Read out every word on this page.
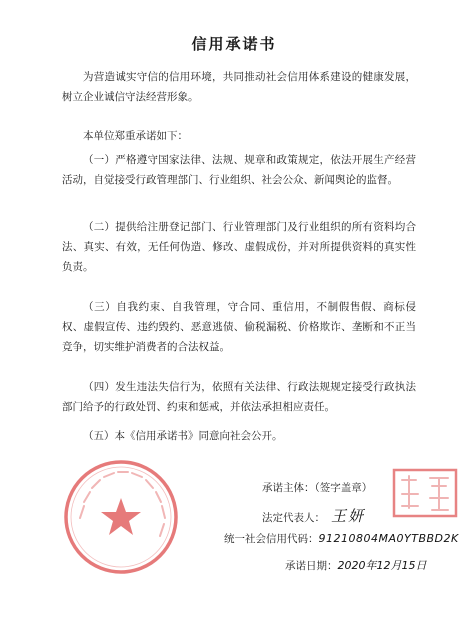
信用承诺书

为营造诚实守信的信用环境，共同推动社会信用体系建设的健康发展，树立企业诚信守法经营形象。

本单位郑重承诺如下：

（一）严格遵守国家法律、法规、规章和政策规定，依法开展生产经营活动，自觉接受行政管理部门、行业组织、社会公众、新闻舆论的监督。

（二）提供给注册登记部门、行业管理部门及行业组织的所有资料均合法、真实、有效，无任何伪造、修改、虚假成份，并对所提供资料的真实性负责。

（三）自我约束、自我管理，守合同、重信用，不制假售假、商标侵权、虚假宣传、违约毁约、恶意逃债、偷税漏税、价格欺诈、垄断和不正当竞争，切实维护消费者的合法权益。

（四）发生违法失信行为，依照有关法律、行政法规规定接受行政执法部门给予的行政处罚、约束和惩戒，并依法承担相应责任。

（五）本《信用承诺书》同意向社会公开。

承诺主体：（签字盖章）
法定代表人： 王妍
统一社会信用代码：91210804MA0YTBBD2K
承诺日期：2020年12月15日
